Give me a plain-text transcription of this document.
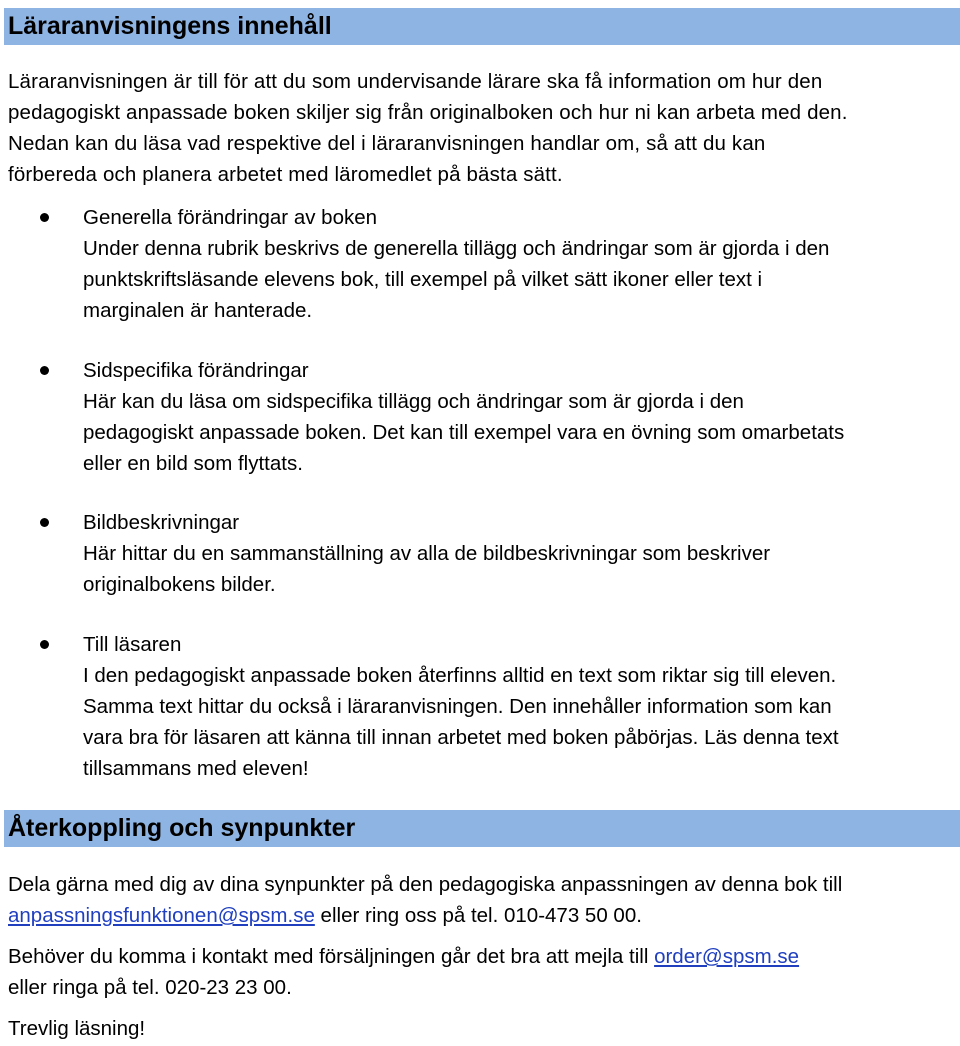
Läraranvisningens innehåll

Läraranvisningen är till för att du som undervisande lärare ska få information om hur den
pedagogiskt anpassade boken skiljer sig från originalboken och hur ni kan arbeta med den.
Nedan kan du läsa vad respektive del i läraranvisningen handlar om, så att du kan
förbereda och planera arbetet med läromedlet på bästa sätt.

Generella förändringar av boken
Under denna rubrik beskrivs de generella tillägg och ändringar som är gjorda i den
punktskriftsläsande elevens bok, till exempel på vilket sätt ikoner eller text i
marginalen är hanterade.

Sidspecifika förändringar
Här kan du läsa om sidspecifika tillägg och ändringar som är gjorda i den
pedagogiskt anpassade boken. Det kan till exempel vara en övning som omarbetats
eller en bild som flyttats.

Bildbeskrivningar
Här hittar du en sammanställning av alla de bildbeskrivningar som beskriver
originalbokens bilder.

Till läsaren
I den pedagogiskt anpassade boken återfinns alltid en text som riktar sig till eleven.
Samma text hittar du också i läraranvisningen. Den innehåller information som kan
vara bra för läsaren att känna till innan arbetet med boken påbörjas. Läs denna text
tillsammans med eleven!

Återkoppling och synpunkter

Dela gärna med dig av dina synpunkter på den pedagogiska anpassningen av denna bok till
anpassningsfunktionen@spsm.se eller ring oss på tel. 010-473 50 00.

Behöver du komma i kontakt med försäljningen går det bra att mejla till order@spsm.se
eller ringa på tel. 020-23 23 00.

Trevlig läsning!
